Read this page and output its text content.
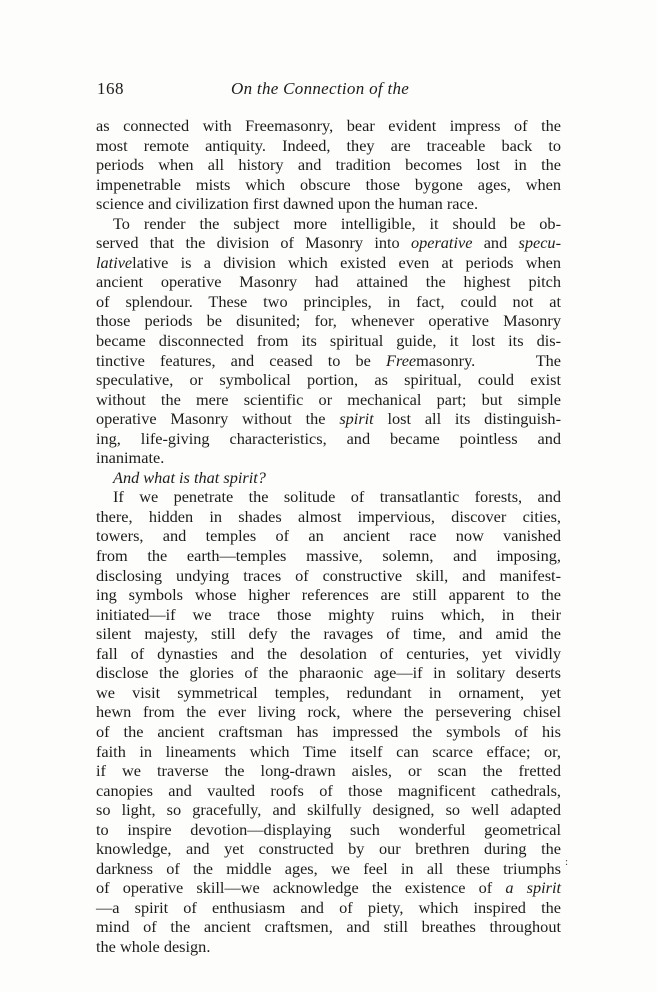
168	On the Connection of the
as connected with Freemasonry, bear evident impress of the
most remote antiquity. Indeed, they are traceable back to
periods when all history and tradition becomes lost in the
impenetrable mists which obscure those bygone ages, when
science and civilization first dawned upon the human race.
To render the subject more intelligible, it should be ob-
served that the division of Masonry into operative and specu-
lativelative is a division which existed even at periods when
ancient operative Masonry had attained the highest pitch
of splendour. These two principles, in fact, could not at
those periods be disunited; for, whenever operative Masonry
became disconnected from its spiritual guide, it lost its dis-
tinctive features, and ceased to be Freemasonry.	The
speculative, or symbolical portion, as spiritual, could exist
without the mere scientific or mechanical part; but simple
operative Masonry without the spirit lost all its distinguish-
ing, life-giving characteristics, and became pointless and
inanimate.
And what is that spirit?
If we penetrate the solitude of transatlantic forests, and
there, hidden in shades almost impervious, discover cities,
towers, and temples of an ancient race now vanished
from the earth—temples massive, solemn, and imposing,
disclosing undying traces of constructive skill, and manifest-
ing symbols whose higher references are still apparent to the
initiated—if we trace those mighty ruins which, in their
silent majesty, still defy the ravages of time, and amid the
fall of dynasties and the desolation of centuries, yet vividly
disclose the glories of the pharaonic age—if in solitary deserts
we visit symmetrical temples, redundant in ornament, yet
hewn from the ever living rock, where the persevering chisel
of the ancient craftsman has impressed the symbols of his
faith in lineaments which Time itself can scarce efface; or,
if we traverse the long-drawn aisles, or scan the fretted
canopies and vaulted roofs of those magnificent cathedrals,
so light, so gracefully, and skilfully designed, so well adapted
to inspire devotion—displaying such wonderful geometrical
knowledge, and yet constructed by our brethren during the
darkness of the middle ages, we feel in all these triumphs
of operative skill—we acknowledge the existence of a spirit
—a spirit of enthusiasm and of piety, which inspired the
mind of the ancient craftsmen, and still breathes throughout
the whole design.
:
